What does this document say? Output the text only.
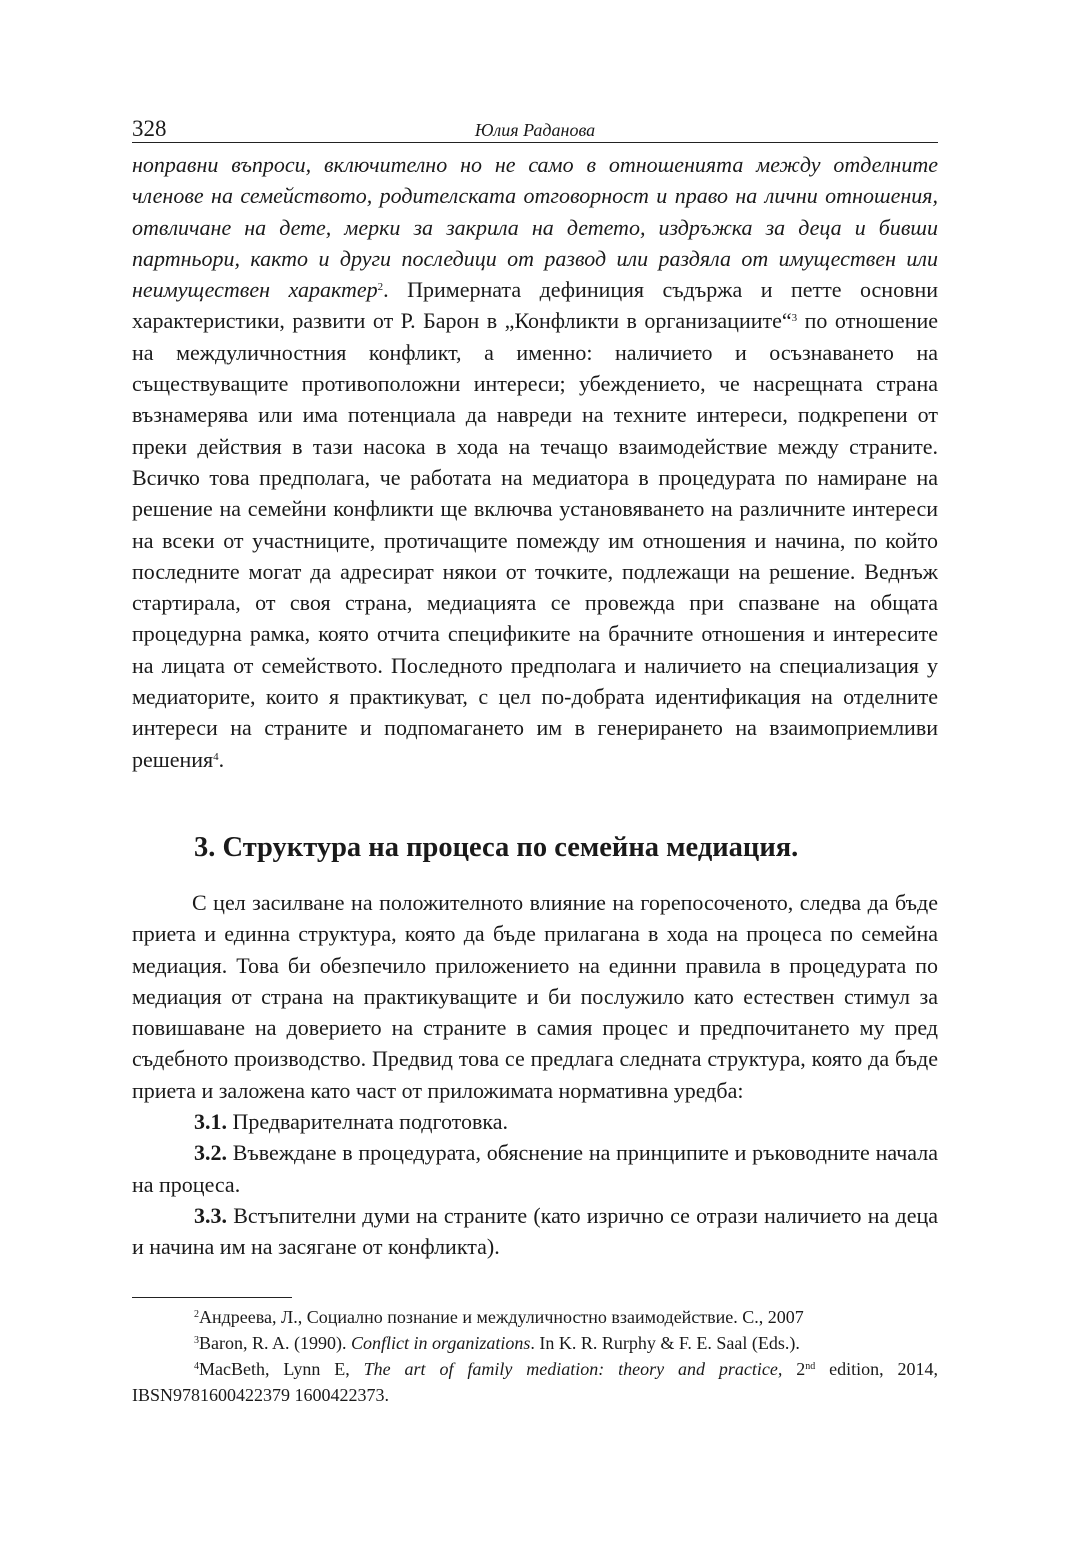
328	Юлия Раданова

ноправни въпроси, включително но не само в отношенията между отделните членове на семейството, родителската отговорност и право на лични отношения, отвличане на дете, мерки за закрила на детето, издръжка за деца и бивши партньори, както и други последици от развод или раздяла от имуществен или неимуществен характер$^2$. Примерната дефиниция съдържа и петте основни характеристики, развити от Р. Барон в „Конфликти в организациите“$^3$ по отношение на междуличностния конфликт, а именно: наличието и осъзнаването на съществуващите противоположни интереси; убеждението, че насрещната страна възнамерява или има потенциала да навреди на техните интереси, подкрепени от преки действия в тази насока в хода на течащо взаимодействие между страните. Всичко това предполага, че работата на медиатора в процедурата по намиране на решение на семейни конфликти ще включва установяването на различните интереси на всеки от участниците, протичащите помежду им отношения и начина, по който последните могат да адресират някои от точките, подлежащи на решение. Веднъж стартирала, от своя страна, медиацията се провежда при спазване на общата процедурна рамка, която отчита спецификите на брачните отношения и интересите на лицата от семейството. Последното предполага и наличието на специализация у медиаторите, които я практикуват, с цел по-добрата идентификация на отделните интереси на страните и подпомагането им в генерирането на взаимоприемливи решения$^4$.

3. Структура на процеса по семейна медиация.

С цел засилване на положителното влияние на горепосоченото, следва да бъде приета и единна структура, която да бъде прилагана в хода на процеса по семейна медиация. Това би обезпечило приложението на единни правила в процедурата по медиация от страна на практикуващите и би послужило като естествен стимул за повишаване на доверието на страните в самия процес и предпочитането му пред съдебното производство. Предвид това се предлага следната структура, която да бъде приета и заложена като част от приложимата нормативна уредба:

3.1. Предварителната подготовка.

3.2. Въвеждане в процедурата, обяснение на принципите и ръководните начала на процеса.

3.3. Встъпителни думи на страните (като изрично се отрази наличието на деца и начина им на засягане от конфликта).

$^2$Андреева, Л., Социално познание и междуличностно взаимодействие. С., 2007

$^3$Baron, R. A. (1990). Conflict in organizations. In K. R. Rurphy & F. E. Saal (Eds.).

$^4$MacBeth, Lynn E, The art of family mediation: theory and practice, 2nd edition, 2014, IBSN9781600422379 1600422373.
